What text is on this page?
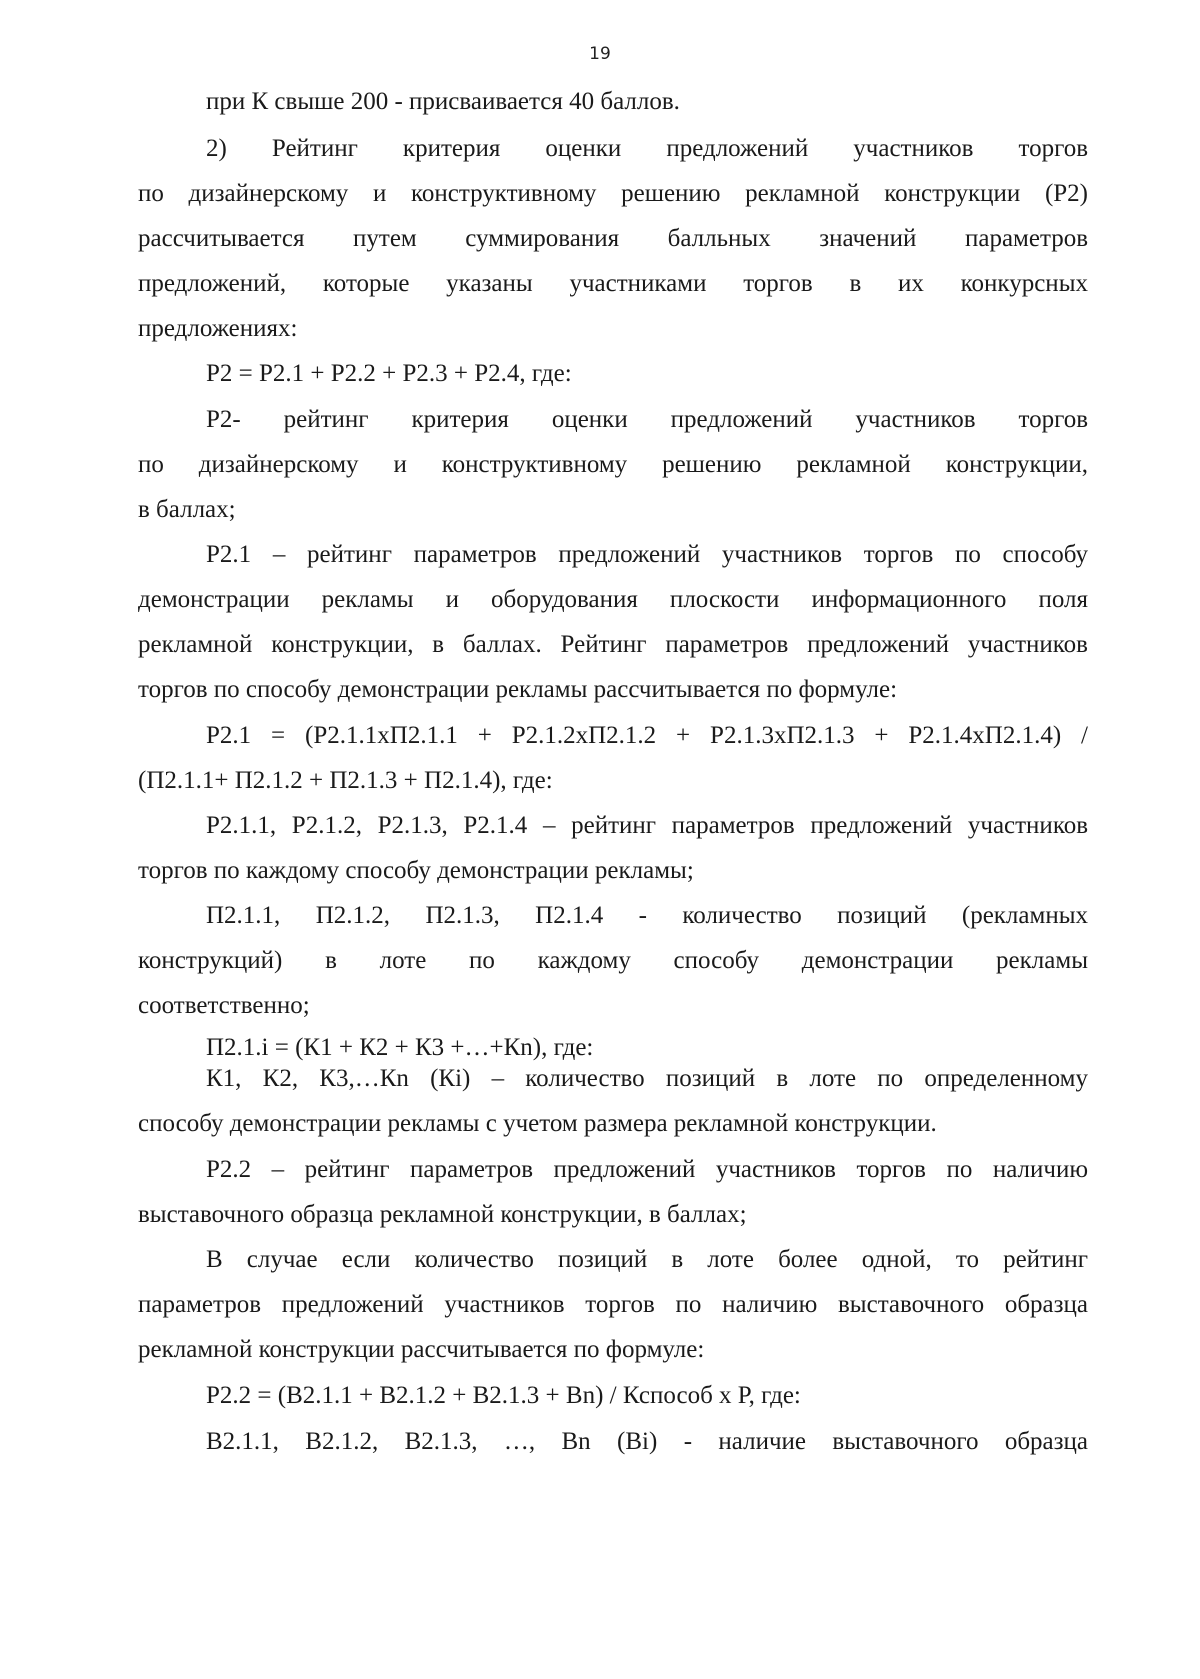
19
при К свыше 200 - присваивается 40 баллов.
2) Рейтинг критерия оценки предложений участников торгов
по дизайнерскому и конструктивному решению рекламной конструкции (Р2)
рассчитывается путем суммирования балльных значений параметров
предложений, которые указаны участниками торгов в их конкурсных
предложениях:
Р2 = Р2.1 + Р2.2 + Р2.3 + Р2.4, где:
Р2- рейтинг критерия оценки предложений участников торгов
по дизайнерскому и конструктивному решению рекламной конструкции,
в баллах;
Р2.1 – рейтинг параметров предложений участников торгов по способу
демонстрации рекламы и оборудования плоскости информационного поля
рекламной конструкции, в баллах. Рейтинг параметров предложений участников
торгов по способу демонстрации рекламы рассчитывается по формуле:
Р2.1 = (Р2.1.1хП2.1.1 + Р2.1.2хП2.1.2 + Р2.1.3хП2.1.3 + Р2.1.4хП2.1.4) /
(П2.1.1+ П2.1.2 + П2.1.3 + П2.1.4), где:
Р2.1.1, Р2.1.2, Р2.1.3, Р2.1.4 – рейтинг параметров предложений участников
торгов по каждому способу демонстрации рекламы;
П2.1.1, П2.1.2, П2.1.3, П2.1.4 - количество позиций (рекламных
конструкций) в лоте по каждому способу демонстрации рекламы
соответственно;
П2.1.i = (К1 + К2 + К3 +…+Кn), где:
К1, К2, К3,…Кn (Кi) – количество позиций в лоте по определенному
способу демонстрации рекламы с учетом размера рекламной конструкции.
Р2.2 – рейтинг параметров предложений участников торгов по наличию
выставочного образца рекламной конструкции, в баллах;
В случае если количество позиций в лоте более одной, то рейтинг
параметров предложений участников торгов по наличию выставочного образца
рекламной конструкции рассчитывается по формуле:
Р2.2 = (В2.1.1 + В2.1.2 + В2.1.3 + Вn) / Кспособ х Р, где:
В2.1.1, В2.1.2, В2.1.3, …, Вn (Вi) - наличие выставочного образца
